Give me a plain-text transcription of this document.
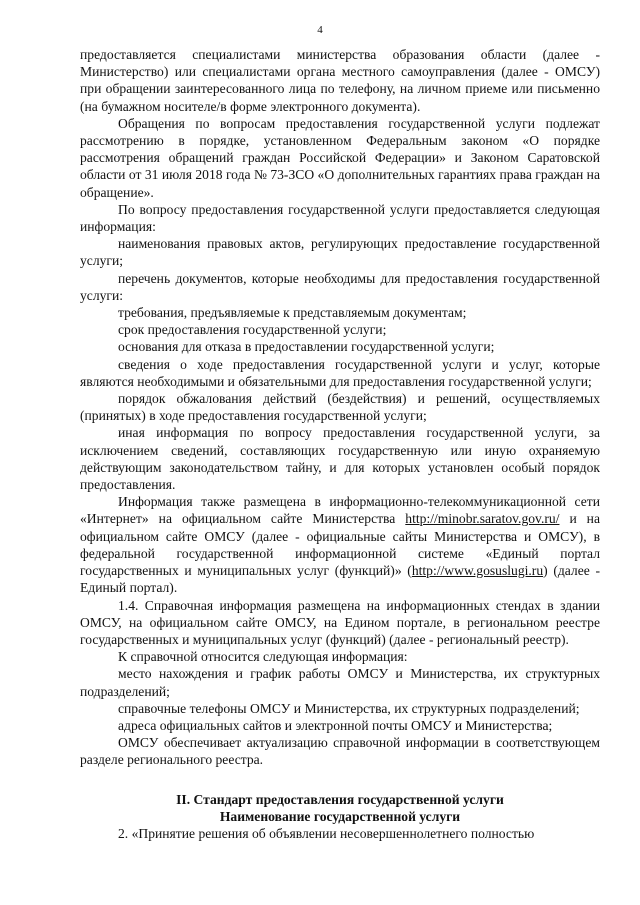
4

предоставляется специалистами министерства образования области (далее - Министерство) или специалистами органа местного самоуправления (далее - ОМСУ) при обращении заинтересованного лица по телефону, на личном приеме или письменно (на бумажном носителе/в форме электронного документа).

Обращения по вопросам предоставления государственной услуги подлежат рассмотрению в порядке, установленном Федеральным законом «О порядке рассмотрения обращений граждан Российской Федерации» и Законом Саратовской области от 31 июля 2018 года № 73-ЗСО «О дополнительных гарантиях права граждан на обращение».

По вопросу предоставления государственной услуги предоставляется следующая информация:

наименования правовых актов, регулирующих предоставление государственной услуги;

перечень документов, которые необходимы для предоставления государственной услуги:

требования, предъявляемые к представляемым документам;

срок предоставления государственной услуги;

основания для отказа в предоставлении государственной услуги;

сведения о ходе предоставления государственной услуги и услуг, которые являются необходимыми и обязательными для предоставления государственной услуги;

порядок обжалования действий (бездействия) и решений, осуществляемых (принятых) в ходе предоставления государственной услуги;

иная информация по вопросу предоставления государственной услуги, за исключением сведений, составляющих государственную или иную охраняемую действующим законодательством тайну, и для которых установлен особый порядок предоставления.

Информация также размещена в информационно-телекоммуникационной сети «Интернет» на официальном сайте Министерства http://minobr.saratov.gov.ru/ и на официальном сайте ОМСУ (далее - официальные сайты Министерства и ОМСУ), в федеральной государственной информационной системе «Единый портал государственных и муниципальных услуг (функций)» (http://www.gosuslugi.ru) (далее - Единый портал).

1.4. Справочная информация размещена на информационных стендах в здании ОМСУ, на официальном сайте ОМСУ, на Едином портале, в региональном реестре государственных и муниципальных услуг (функций) (далее - региональный реестр).

К справочной относится следующая информация:

место нахождения и график работы ОМСУ и Министерства, их структурных подразделений;

справочные телефоны ОМСУ и Министерства, их структурных подразделений;

адреса официальных сайтов и электронной почты ОМСУ и Министерства;

ОМСУ обеспечивает актуализацию справочной информации в соответствующем разделе регионального реестра.

II. Стандарт предоставления государственной услуги
Наименование государственной услуги

2. «Принятие решения об объявлении несовершеннолетнего полностью
